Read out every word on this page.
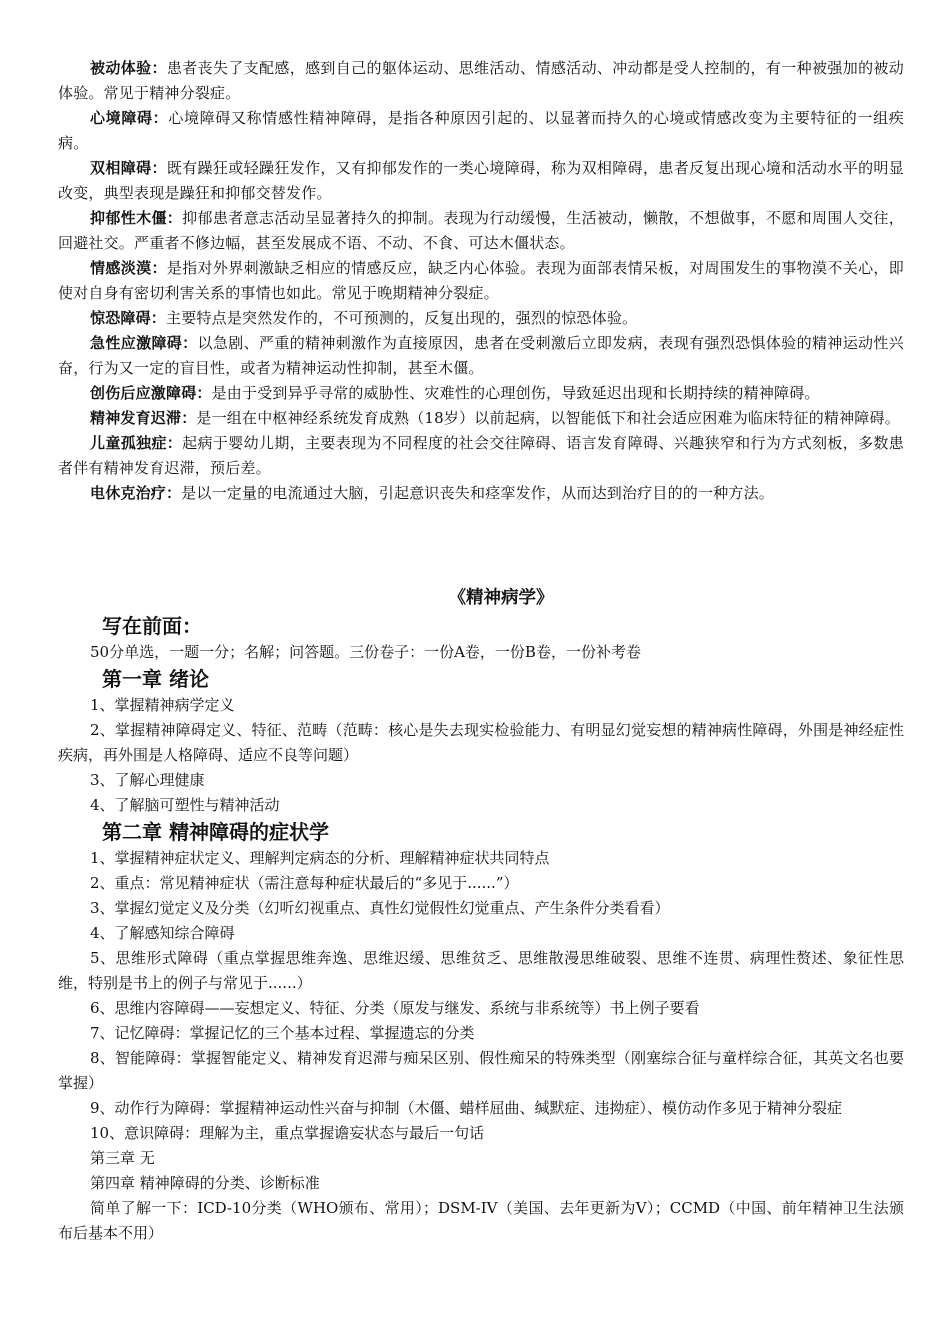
被动体验：患者丧失了支配感，感到自己的躯体运动、思维活动、情感活动、冲动都是受人控制的，有一种被强加的被动体验。常见于精神分裂症。

心境障碍：心境障碍又称情感性精神障碍，是指各种原因引起的、以显著而持久的心境或情感改变为主要特征的一组疾病。

双相障碍：既有躁狂或轻躁狂发作，又有抑郁发作的一类心境障碍，称为双相障碍，患者反复出现心境和活动水平的明显改变，典型表现是躁狂和抑郁交替发作。

抑郁性木僵：抑郁患者意志活动呈显著持久的抑制。表现为行动缓慢，生活被动，懒散，不想做事，不愿和周围人交往，回避社交。严重者不修边幅，甚至发展成不语、不动、不食、可达木僵状态。

情感淡漠：是指对外界刺激缺乏相应的情感反应，缺乏内心体验。表现为面部表情呆板，对周围发生的事物漠不关心，即使对自身有密切利害关系的事情也如此。常见于晚期精神分裂症。

惊恐障碍：主要特点是突然发作的，不可预测的，反复出现的，强烈的惊恐体验。

急性应激障碍：以急剧、严重的精神刺激作为直接原因，患者在受刺激后立即发病，表现有强烈恐惧体验的精神运动性兴奋，行为又一定的盲目性，或者为精神运动性抑制，甚至木僵。

创伤后应激障碍：是由于受到异乎寻常的威胁性、灾难性的心理创伤，导致延迟出现和长期持续的精神障碍。

精神发育迟滞：是一组在中枢神经系统发育成熟（18岁）以前起病，以智能低下和社会适应困难为临床特征的精神障碍。

儿童孤独症：起病于婴幼儿期，主要表现为不同程度的社会交往障碍、语言发育障碍、兴趣狭窄和行为方式刻板，多数患者伴有精神发育迟滞，预后差。

电休克治疗：是以一定量的电流通过大脑，引起意识丧失和痉挛发作，从而达到治疗目的的一种方法。

《精神病学》
写在前面：

50分单选，一题一分；名解；问答题。三份卷子：一份A卷，一份B卷，一份补考卷

第一章 绪论

1、掌握精神病学定义

2、掌握精神障碍定义、特征、范畴（范畴：核心是失去现实检验能力、有明显幻觉妄想的精神病性障碍，外围是神经症性疾病，再外围是人格障碍、适应不良等问题）

3、了解心理健康

4、了解脑可塑性与精神活动

第二章 精神障碍的症状学

1、掌握精神症状定义、理解判定病态的分析、理解精神症状共同特点

2、重点：常见精神症状（需注意每种症状最后的“多见于......”）

3、掌握幻觉定义及分类（幻听幻视重点、真性幻觉假性幻觉重点、产生条件分类看看）

4、了解感知综合障碍

5、思维形式障碍（重点掌握思维奔逸、思维迟缓、思维贫乏、思维散漫思维破裂、思维不连贯、病理性赘述、象征性思维，特别是书上的例子与常见于......）

6、思维内容障碍——妄想定义、特征、分类（原发与继发、系统与非系统等）书上例子要看

7、记忆障碍：掌握记忆的三个基本过程、掌握遗忘的分类

8、智能障碍：掌握智能定义、精神发育迟滞与痴呆区别、假性痴呆的特殊类型（刚塞综合征与童样综合征，其英文名也要掌握）

9、动作行为障碍：掌握精神运动性兴奋与抑制（木僵、蜡样屈曲、缄默症、违拗症）、模仿动作多见于精神分裂症

10、意识障碍：理解为主，重点掌握谵妄状态与最后一句话

第三章 无

第四章 精神障碍的分类、诊断标准

简单了解一下：ICD-10分类（WHO颁布、常用）；DSM-IV（美国、去年更新为V）；CCMD（中国、前年精神卫生法颁布后基本不用）
